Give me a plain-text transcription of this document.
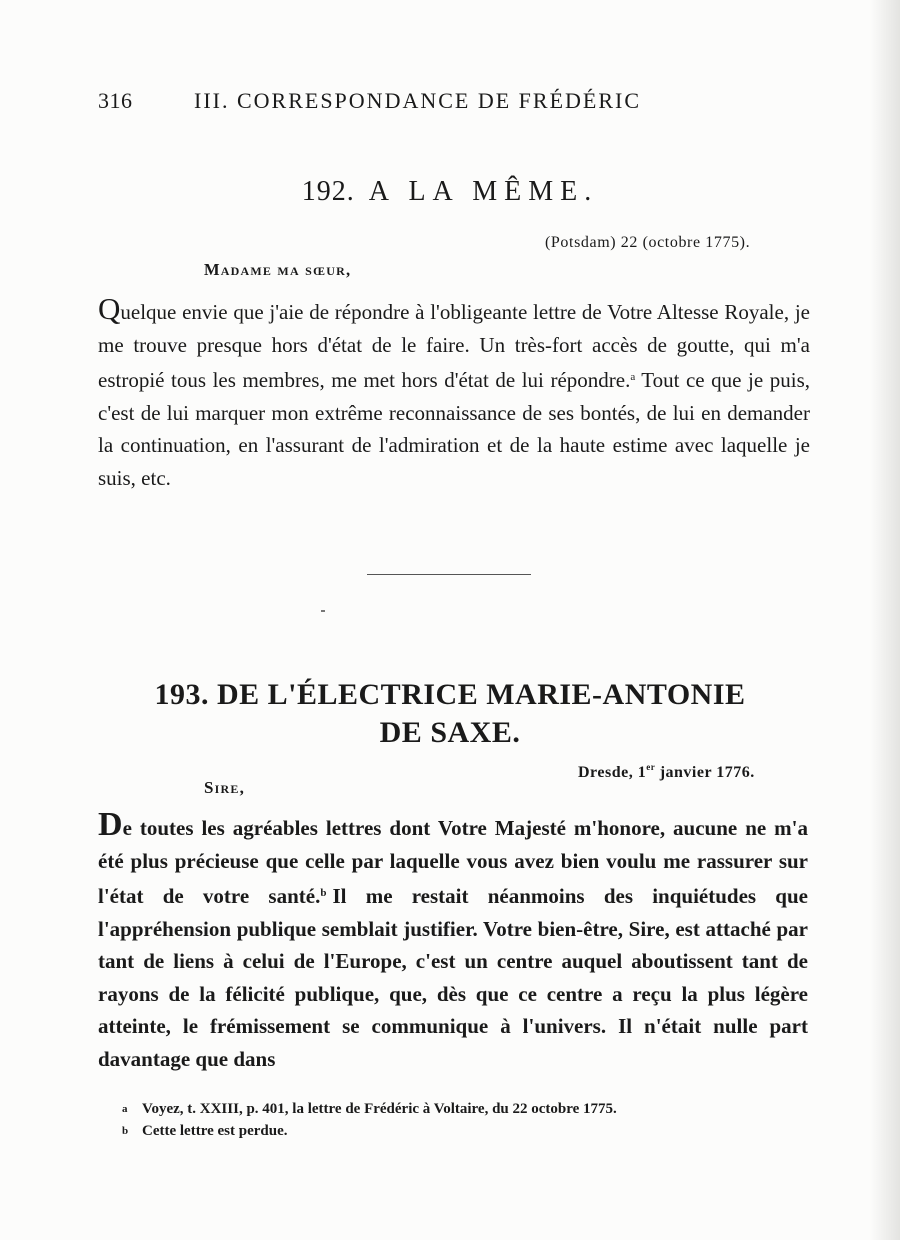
316	III. CORRESPONDANCE DE FRÉDÉRIC
192. A LA MÊME.
(Potsdam) 22 (octobre 1775).
Madame ma sœur,
Quelque envie que j'aie de répondre à l'obligeante lettre de Votre Altesse Royale, je me trouve presque hors d'état de le faire. Un très-fort accès de goutte, qui m'a estropié tous les membres, me met hors d'état de lui répondre.$^a$ Tout ce que je puis, c'est de lui marquer mon extrême reconnaissance de ses bontés, de lui en demander la continuation, en l'assurant de l'admiration et de la haute estime avec laquelle je suis, etc.
193. DE L'ÉLECTRICE MARIE-ANTONIE
DE SAXE.
Dresde, 1er janvier 1776.
Sire,
De toutes les agréables lettres dont Votre Majesté m'honore, aucune ne m'a été plus précieuse que celle par laquelle vous avez bien voulu me rassurer sur l'état de votre santé.$^b$ Il me restait néanmoins des inquiétudes que l'appréhension publique semblait justifier. Votre bien-être, Sire, est attaché par tant de liens à celui de l'Europe, c'est un centre auquel aboutissent tant de rayons de la félicité publique, que, dès que ce centre a reçu la plus légère atteinte, le frémissement se communique à l'univers. Il n'était nulle part davantage que dans
a Voyez, t. XXIII, p. 401, la lettre de Frédéric à Voltaire, du 22 octobre 1775.
b Cette lettre est perdue.
